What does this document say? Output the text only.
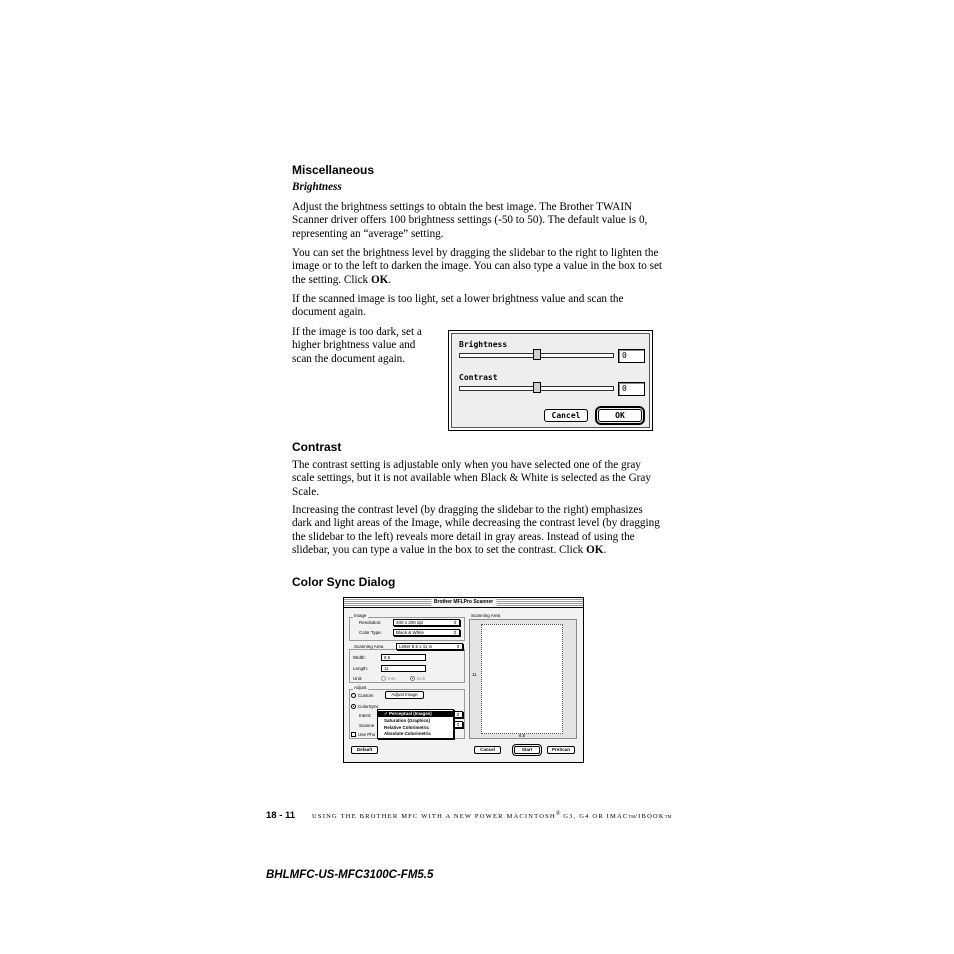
Miscellaneous
Brightness

Adjust the brightness settings to obtain the best image. The Brother TWAIN Scanner driver offers 100 brightness settings (-50 to 50). The default value is 0, representing an “average” setting.

You can set the brightness level by dragging the slidebar to the right to lighten the image or to the left to darken the image. You can also type a value in the box to set the setting. Click OK.

If the scanned image is too light, set a lower brightness value and scan the document again.

If the image is too dark, set a higher brightness value and scan the document again.

Brightness
0
Contrast
0
Cancel	OK
Contrast

The contrast setting is adjustable only when you have selected one of the gray scale settings, but it is not available when Black & White is selected as the Gray Scale.

Increasing the contrast level (by dragging the slidebar to the right) emphasizes dark and light areas of the Image, while decreasing the contrast level (by dragging the slidebar to the left) reveals more detail in gray areas. Instead of using the slidebar, you can type a value in the box to set the contrast. Click OK.

Color Sync Dialog
Brother MFLPro Scanner
Image
Resolution:	200 x 200 dpi	⇕
Color Type:	Black & White	⇕
Scanning Area	Letter 8.5 x 11 in	⇕
Width:	8.5
Length:	11
Unit:	mm	inch
Adjust
Custom	Adjust Image
ColorSync
Intent:	⇕
Scanne	⇕
Use Pho
Scanning Area
11
8.5
Default	Cancel	Start	PreScan
✓ Perceptual (Images)
Saturation (Graphics)
Relative Colorimetric
Absolute Colorimetric
18 - 11	USING THE BROTHER MFC WITH A NEW POWER MACINTOSH® G3, G4 OR IMACTM/IBOOKTM
BHLMFC-US-MFC3100C-FM5.5
